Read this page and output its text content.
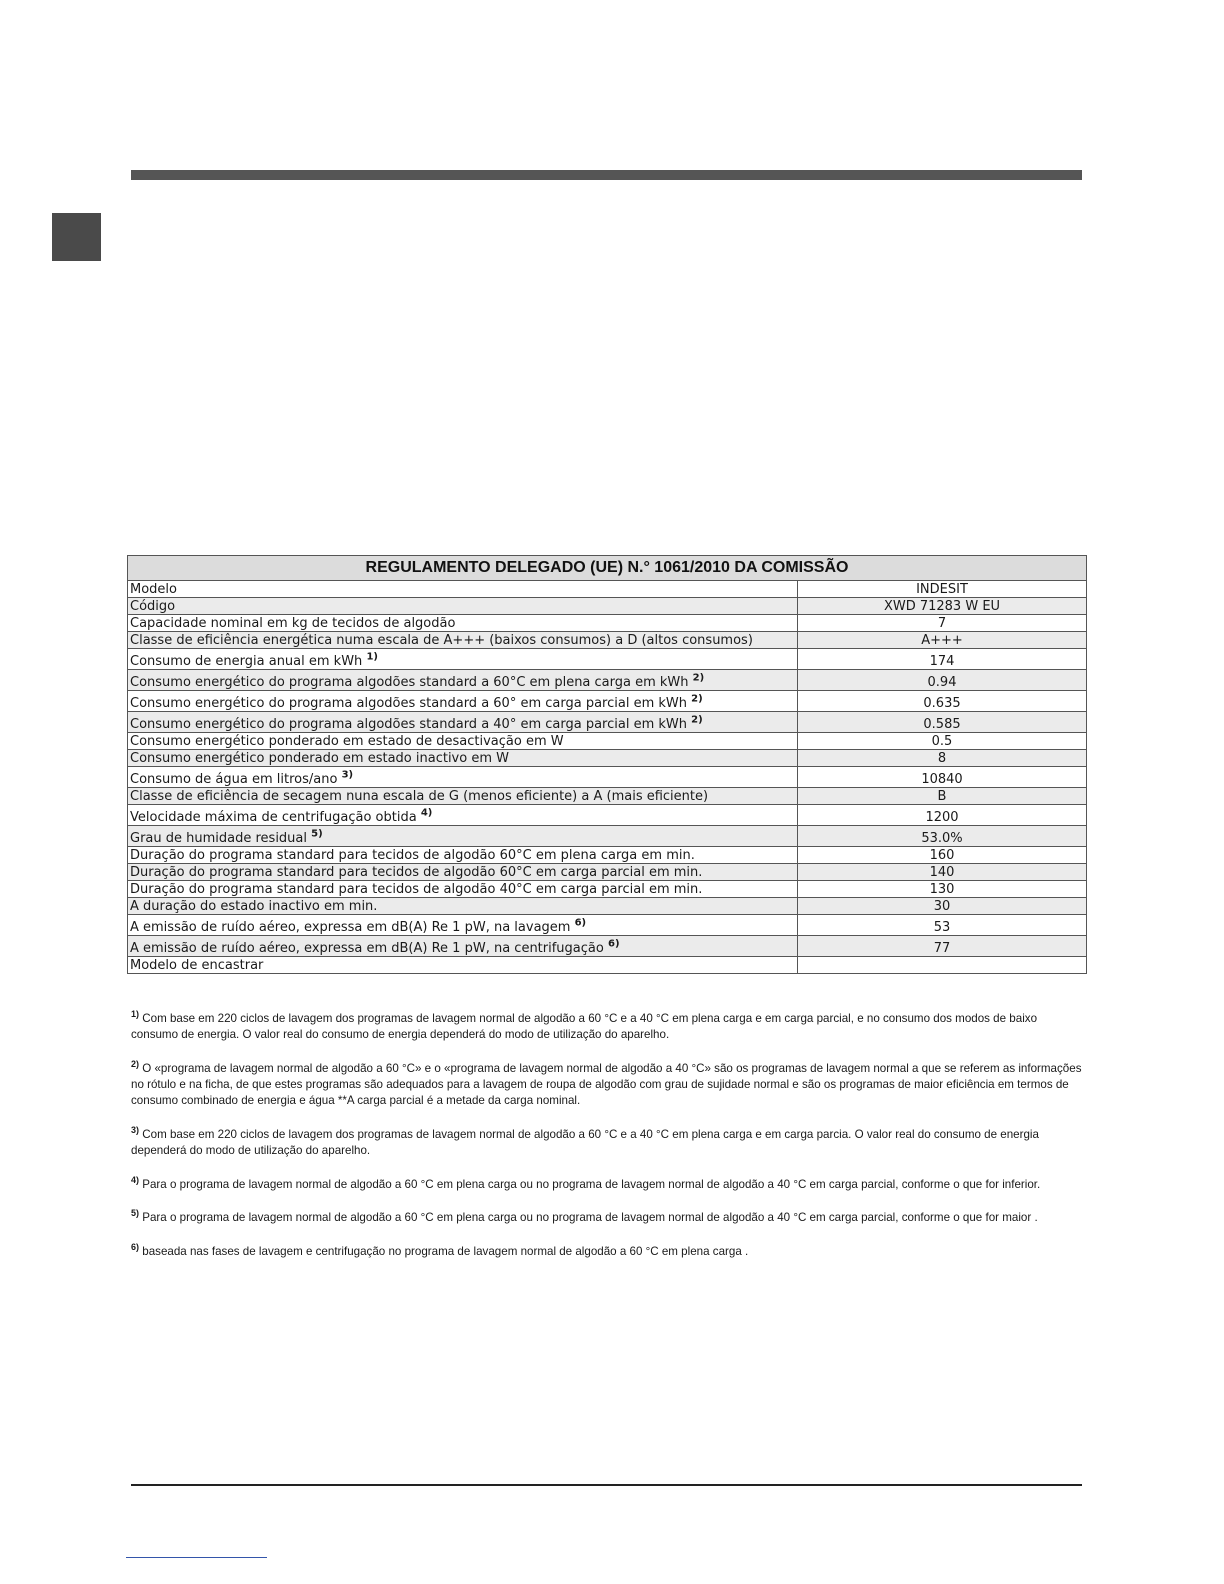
REGULAMENTO DELEGADO (UE) N.° 1061/2010 DA COMISSÃO	
Modelo	INDESIT
Código	XWD 71283 W EU
Capacidade nominal em kg de tecidos de algodão	7
Classe de eficiência energética numa escala de A+++ (baixos consumos) a D (altos consumos)	A+++
Consumo de energia anual em kWh $^{1)}$	174
Consumo energético do programa algodões standard a 60°C em plena carga em kWh $^{2)}$	0.94
Consumo energético do programa algodões standard a 60° em carga parcial em kWh $^{2)}$	0.635
Consumo energético do programa algodões standard a 40° em carga parcial em kWh $^{2)}$	0.585
Consumo energético ponderado em estado de desactivação em W	0.5
Consumo energético ponderado em estado inactivo em W	8
Consumo de água em litros/ano $^{3)}$	10840
Classe de eficiência de secagem nuna escala de G (menos eficiente) a A (mais eficiente)	B
Velocidade máxima de centrifugação obtida $^{4)}$	1200
Grau de humidade residual $^{5)}$	53.0%
Duração do programa standard para tecidos de algodão 60°C em plena carga em min.	160
Duração do programa standard para tecidos de algodão 60°C em carga parcial em min.	140
Duração do programa standard para tecidos de algodão 40°C em carga parcial em min.	130
A duração do estado inactivo em min.	30
A emissão de ruído aéreo, expressa em dB(A) Re 1 pW, na lavagem $^{6)}$	53
A emissão de ruído aéreo, expressa em dB(A) Re 1 pW, na centrifugação $^{6)}$	77
Modelo de encastrar	

$^{1)}$ Com base em 220 ciclos de lavagem dos programas de lavagem normal de algodão a 60 °C e a 40 °C em plena carga e em carga parcial, e no consumo dos modos de baixo consumo de energia. O valor real do consumo de energia dependerá do modo de utilização do aparelho.

$^{2)}$ O «programa de lavagem normal de algodão a 60 °C» e o «programa de lavagem normal de algodão a 40 °C» são os programas de lavagem normal a que se referem as informações no rótulo e na ficha, de que estes programas são adequados para a lavagem de roupa de algodão com grau de sujidade normal e são os programas de maior eficiência em termos de consumo combinado de energia e água **A carga parcial é a metade da carga nominal.

$^{3)}$ Com base em 220 ciclos de lavagem dos programas de lavagem normal de algodão a 60 °C e a 40 °C em plena carga e em carga parcia. O valor real do consumo de energia dependerá do modo de utilização do aparelho.

$^{4)}$ Para o programa de lavagem normal de algodão a 60 °C em plena carga ou no programa de lavagem normal de algodão a 40 °C em carga parcial, conforme o que for inferior.

$^{5)}$ Para o programa de lavagem normal de algodão a 60 °C em plena carga ou no programa de lavagem normal de algodão a 40 °C em carga parcial, conforme o que for maior .

$^{6)}$ baseada nas fases de lavagem e centrifugação no programa de lavagem normal de algodão a 60 °C em plena carga .
